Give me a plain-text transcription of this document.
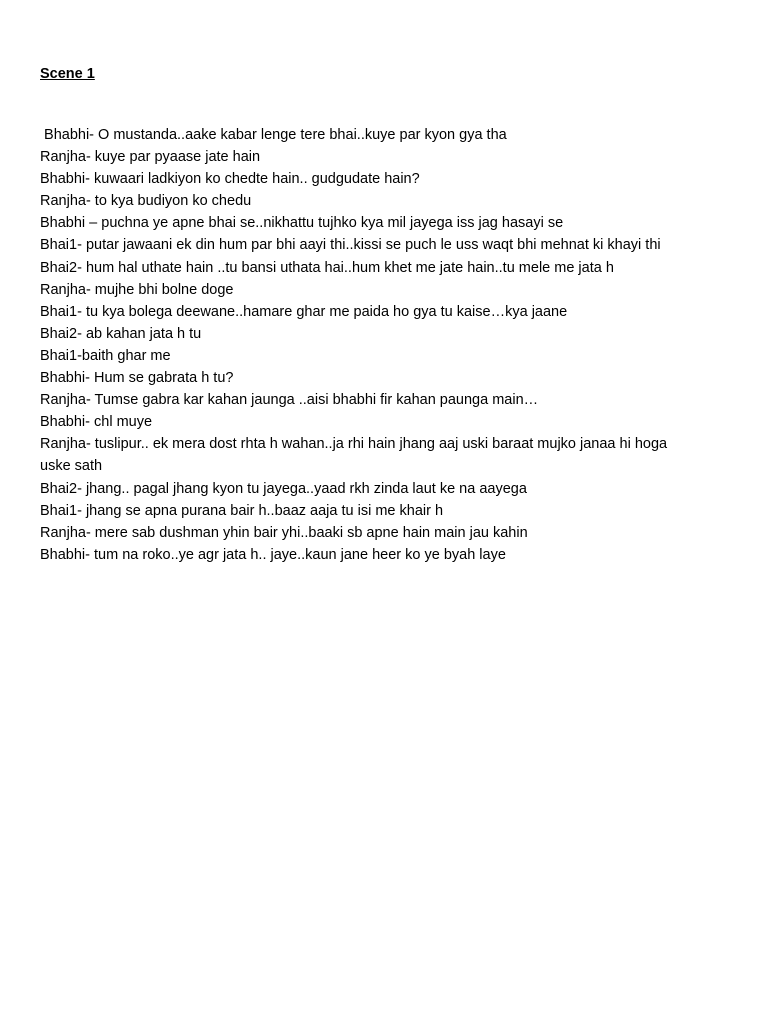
Scene 1
Bhabhi- O mustanda..aake kabar lenge tere bhai..kuye par kyon gya tha
Ranjha- kuye par pyaase jate hain
Bhabhi- kuwaari ladkiyon ko chedte hain.. gudgudate hain?
Ranjha- to kya budiyon ko chedu
Bhabhi – puchna ye apne bhai se..nikhattu tujhko kya mil jayega iss jag hasayi se
Bhai1- putar jawaani ek din hum par bhi aayi thi..kissi se puch le uss waqt bhi mehnat ki khayi thi
Bhai2- hum hal uthate hain ..tu bansi uthata hai..hum khet me jate hain..tu mele me jata h
Ranjha- mujhe bhi bolne doge
Bhai1- tu kya bolega deewane..hamare ghar me paida ho gya tu kaise…kya jaane
Bhai2- ab kahan jata h tu
Bhai1-baith ghar me
Bhabhi- Hum se gabrata h tu?
Ranjha- Tumse gabra kar kahan jaunga ..aisi bhabhi fir kahan paunga main…
Bhabhi- chl muye
Ranjha- tuslipur.. ek mera dost rhta h wahan..ja rhi hain jhang aaj uski baraat mujko janaa hi hoga uske sath
Bhai2- jhang.. pagal jhang kyon tu jayega..yaad rkh zinda laut ke na aayega
Bhai1- jhang se apna purana bair h..baaz aaja tu isi me khair h
Ranjha- mere sab dushman yhin bair yhi..baaki sb apne hain main jau kahin
Bhabhi- tum na roko..ye agr jata h.. jaye..kaun jane heer ko ye byah laye
